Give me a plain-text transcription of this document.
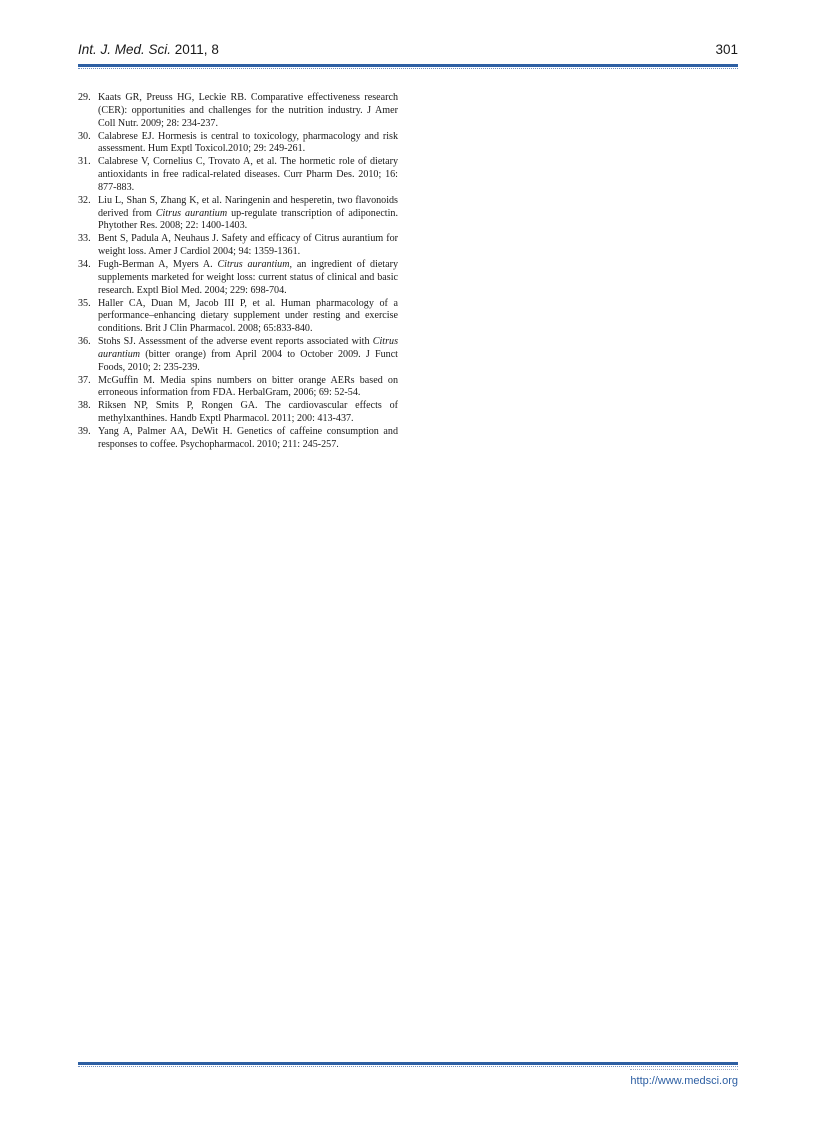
Int. J. Med. Sci. 2011, 8	301
29. Kaats GR, Preuss HG, Leckie RB. Comparative effectiveness research (CER): opportunities and challenges for the nutrition industry. J Amer Coll Nutr. 2009; 28: 234-237.
30. Calabrese EJ. Hormesis is central to toxicology, pharmacology and risk assessment. Hum Exptl Toxicol.2010; 29: 249-261.
31. Calabrese V, Cornelius C, Trovato A, et al. The hormetic role of dietary antioxidants in free radical-related diseases. Curr Pharm Des. 2010; 16: 877-883.
32. Liu L, Shan S, Zhang K, et al. Naringenin and hesperetin, two flavonoids derived from Citrus aurantium up-regulate transcription of adiponectin. Phytother Res. 2008; 22: 1400-1403.
33. Bent S, Padula A, Neuhaus J. Safety and efficacy of Citrus aurantium for weight loss. Amer J Cardiol 2004; 94: 1359-1361.
34. Fugh-Berman A, Myers A. Citrus aurantium, an ingredient of dietary supplements marketed for weight loss: current status of clinical and basic research. Exptl Biol Med. 2004; 229: 698-704.
35. Haller CA, Duan M, Jacob III P, et al. Human pharmacology of a performance–enhancing dietary supplement under resting and exercise conditions. Brit J Clin Pharmacol. 2008; 65:833-840.
36. Stohs SJ. Assessment of the adverse event reports associated with Citrus aurantium (bitter orange) from April 2004 to October 2009. J Funct Foods, 2010; 2: 235-239.
37. McGuffin M. Media spins numbers on bitter orange AERs based on erroneous information from FDA. HerbalGram, 2006; 69: 52-54.
38. Riksen NP, Smits P, Rongen GA. The cardiovascular effects of methylxanthines. Handb Exptl Pharmacol. 2011; 200: 413-437.
39. Yang A, Palmer AA, DeWit H. Genetics of caffeine consumption and responses to coffee. Psychopharmacol. 2010; 211: 245-257.
http://www.medsci.org
